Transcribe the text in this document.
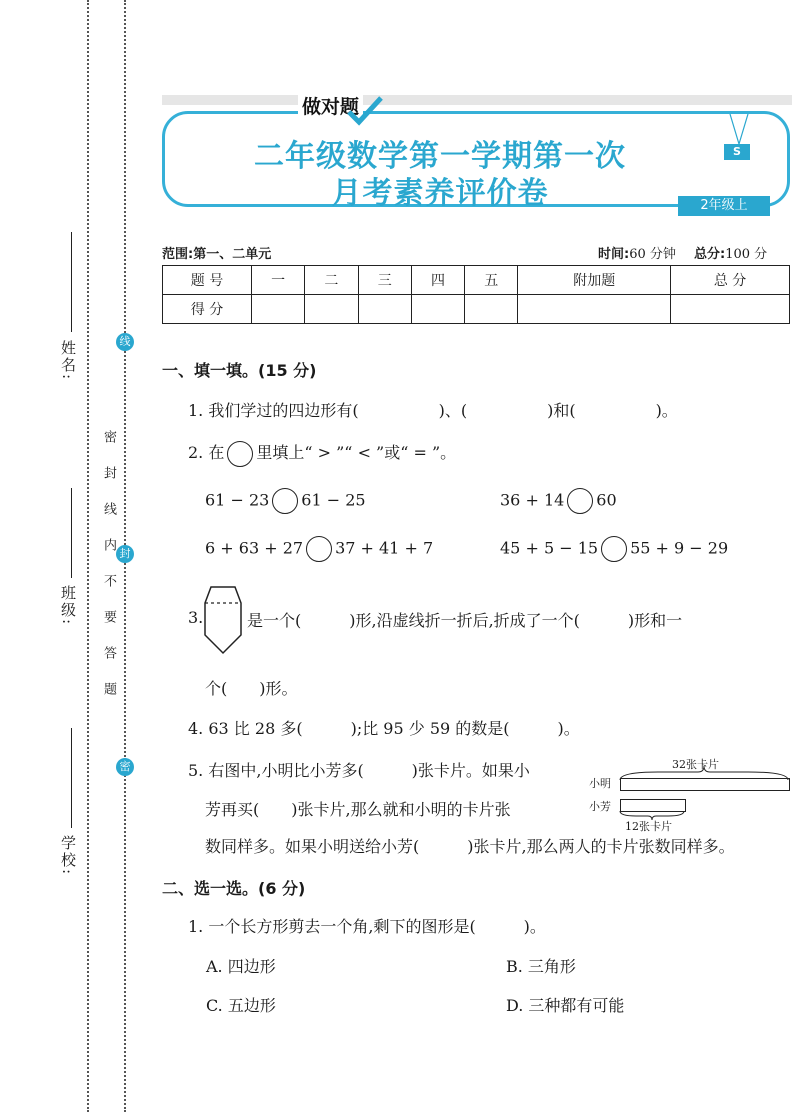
姓名:
班级:
学校:
密 封 线 内 不 要 答 题
线
封
密
做对题
二年级数学第一学期第一次
月考素养评价卷
S
2年级上
范围:第一、二单元	时间:60 分钟 总分:100 分
题 号	一	二	三	四	五	附加题	总 分
得 分							
一、填一填。(15 分)
1. 我们学过的四边形有(　　　　　)、(　　　　　)和(　　　　　)。
2. 在 里填上“ > ”“ < ”或“ = ”。
61 − 23 61 − 25	36 + 14 60
6 + 63 + 27 37 + 41 + 7	45 + 5 − 15 55 + 9 − 29
3.	是一个(　　　)形,沿虚线折一折后,折成了一个(　　　)形和一
个(　　)形。
4. 63 比 28 多(　　　);比 95 少 59 的数是(　　　)。
5. 右图中,小明比小芳多(　　　)张卡片。如果小
芳再买(　　)张卡片,那么就和小明的卡片张
数同样多。如果小明送给小芳(　　　)张卡片,那么两人的卡片张数同样多。
32张卡片
小明
小芳
12张卡片
二、选一选。(6 分)
1. 一个长方形剪去一个角,剩下的图形是(　　　)。
A. 四边形	B. 三角形
C. 五边形	D. 三种都有可能
